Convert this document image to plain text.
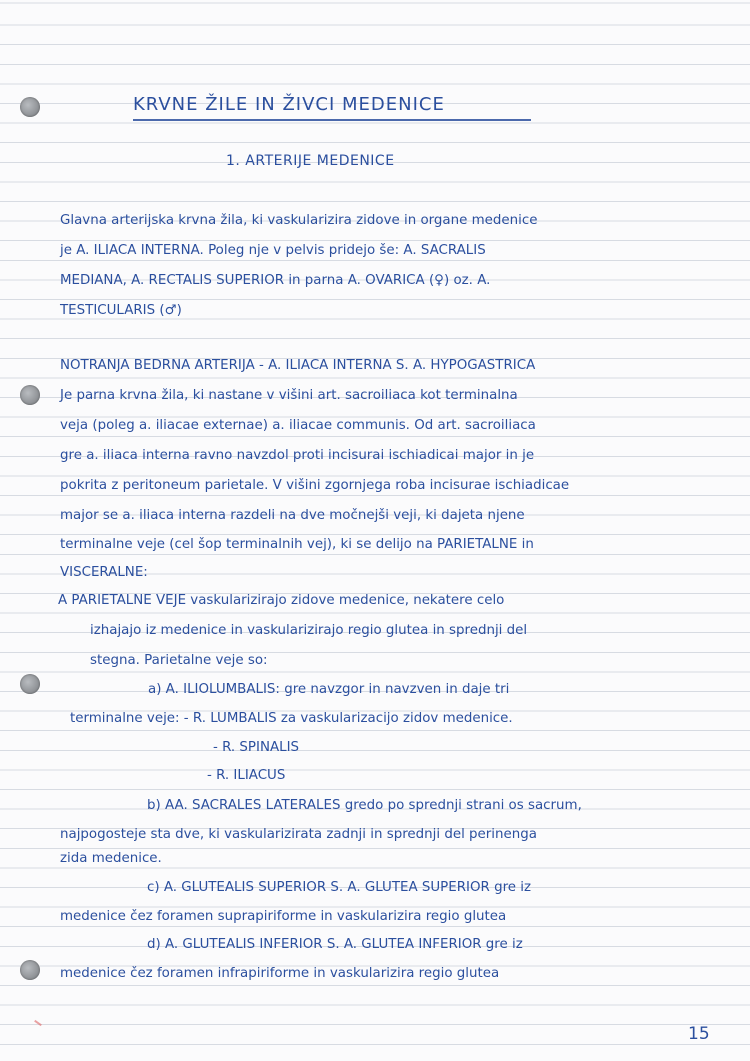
KRVNE ŽILE IN ŽIVCI MEDENICE
1. ARTERIJE MEDENICE
Glavna arterijska krvna žila, ki vaskularizira zidove in organe medenice
je A. ILIACA INTERNA. Poleg nje v pelvis pridejo še: A. SACRALIS
MEDIANA, A. RECTALIS SUPERIOR in parna A. OVARICA (♀) oz. A.
TESTICULARIS (♂)
NOTRANJA BEDRNA ARTERIJA - A. ILIACA INTERNA S. A. HYPOGASTRICA
Je parna krvna žila, ki nastane v višini art. sacroiliaca kot terminalna
veja (poleg a. iliacae externae) a. iliacae communis. Od art. sacroiliaca
gre a. iliaca interna ravno navzdol proti incisurai ischiadicai major in je
pokrita z peritoneum parietale. V višini zgornjega roba incisurae ischiadicae
major se a. iliaca interna razdeli na dve močnejši veji, ki dajeta njene
terminalne veje (cel šop terminalnih vej), ki se delijo na PARIETALNE in
VISCERALNE:
A PARIETALNE VEJE vaskularizirajo zidove medenice, nekatere celo
izhajajo iz medenice in vaskularizirajo regio glutea in sprednji del
stegna. Parietalne veje so:
a) A. ILIOLUMBALIS: gre navzgor in navzven in daje tri
terminalne veje: - R. LUMBALIS za vaskularizacijo zidov medenice.
- R. SPINALIS
- R. ILIACUS
b) AA. SACRALES LATERALES gredo po sprednji strani os sacrum,
najpogosteje sta dve, ki vaskularizirata zadnji in sprednji del perinenga
zida medenice.
c) A. GLUTEALIS SUPERIOR S. A. GLUTEA SUPERIOR gre iz
medenice čez foramen suprapiriforme in vaskularizira regio glutea
d) A. GLUTEALIS INFERIOR S. A. GLUTEA INFERIOR gre iz
medenice čez foramen infrapiriforme in vaskularizira regio glutea
15
